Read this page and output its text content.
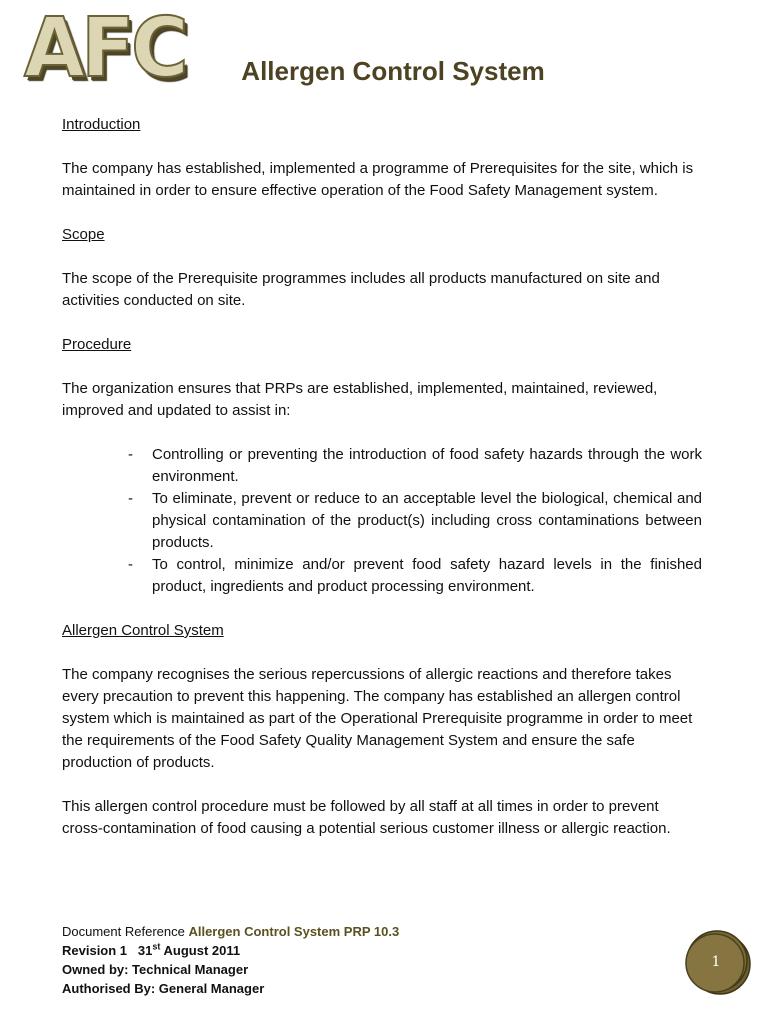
AFC	Allergen Control System
Introduction

The company has established, implemented a programme of Prerequisites for the site, which is maintained in order to ensure effective operation of the Food Safety Management system.

Scope

The scope of the Prerequisite programmes includes all products manufactured on site and activities conducted on site.

Procedure

The organization ensures that PRPs are established, implemented, maintained, reviewed, improved and updated to assist in:

- Controlling or preventing the introduction of food safety hazards through the work environment.
- To eliminate, prevent or reduce to an acceptable level the biological, chemical and physical contamination of the product(s) including cross contaminations between products.
- To control, minimize and/or prevent food safety hazard levels in the finished product, ingredients and product processing environment.
Allergen Control System

The company recognises the serious repercussions of allergic reactions and therefore takes every precaution to prevent this happening. The company has established an allergen control system which is maintained as part of the Operational Prerequisite programme in order to meet the requirements of the Food Safety Quality Management System and ensure the safe production of products.

This allergen control procedure must be followed by all staff at all times in order to prevent cross-contamination of food causing a potential serious customer illness or allergic reaction.

Document Reference Allergen Control System PRP 10.3
Revision 1 31st August 2011
Owned by: Technical Manager
Authorised By: General Manager
1
